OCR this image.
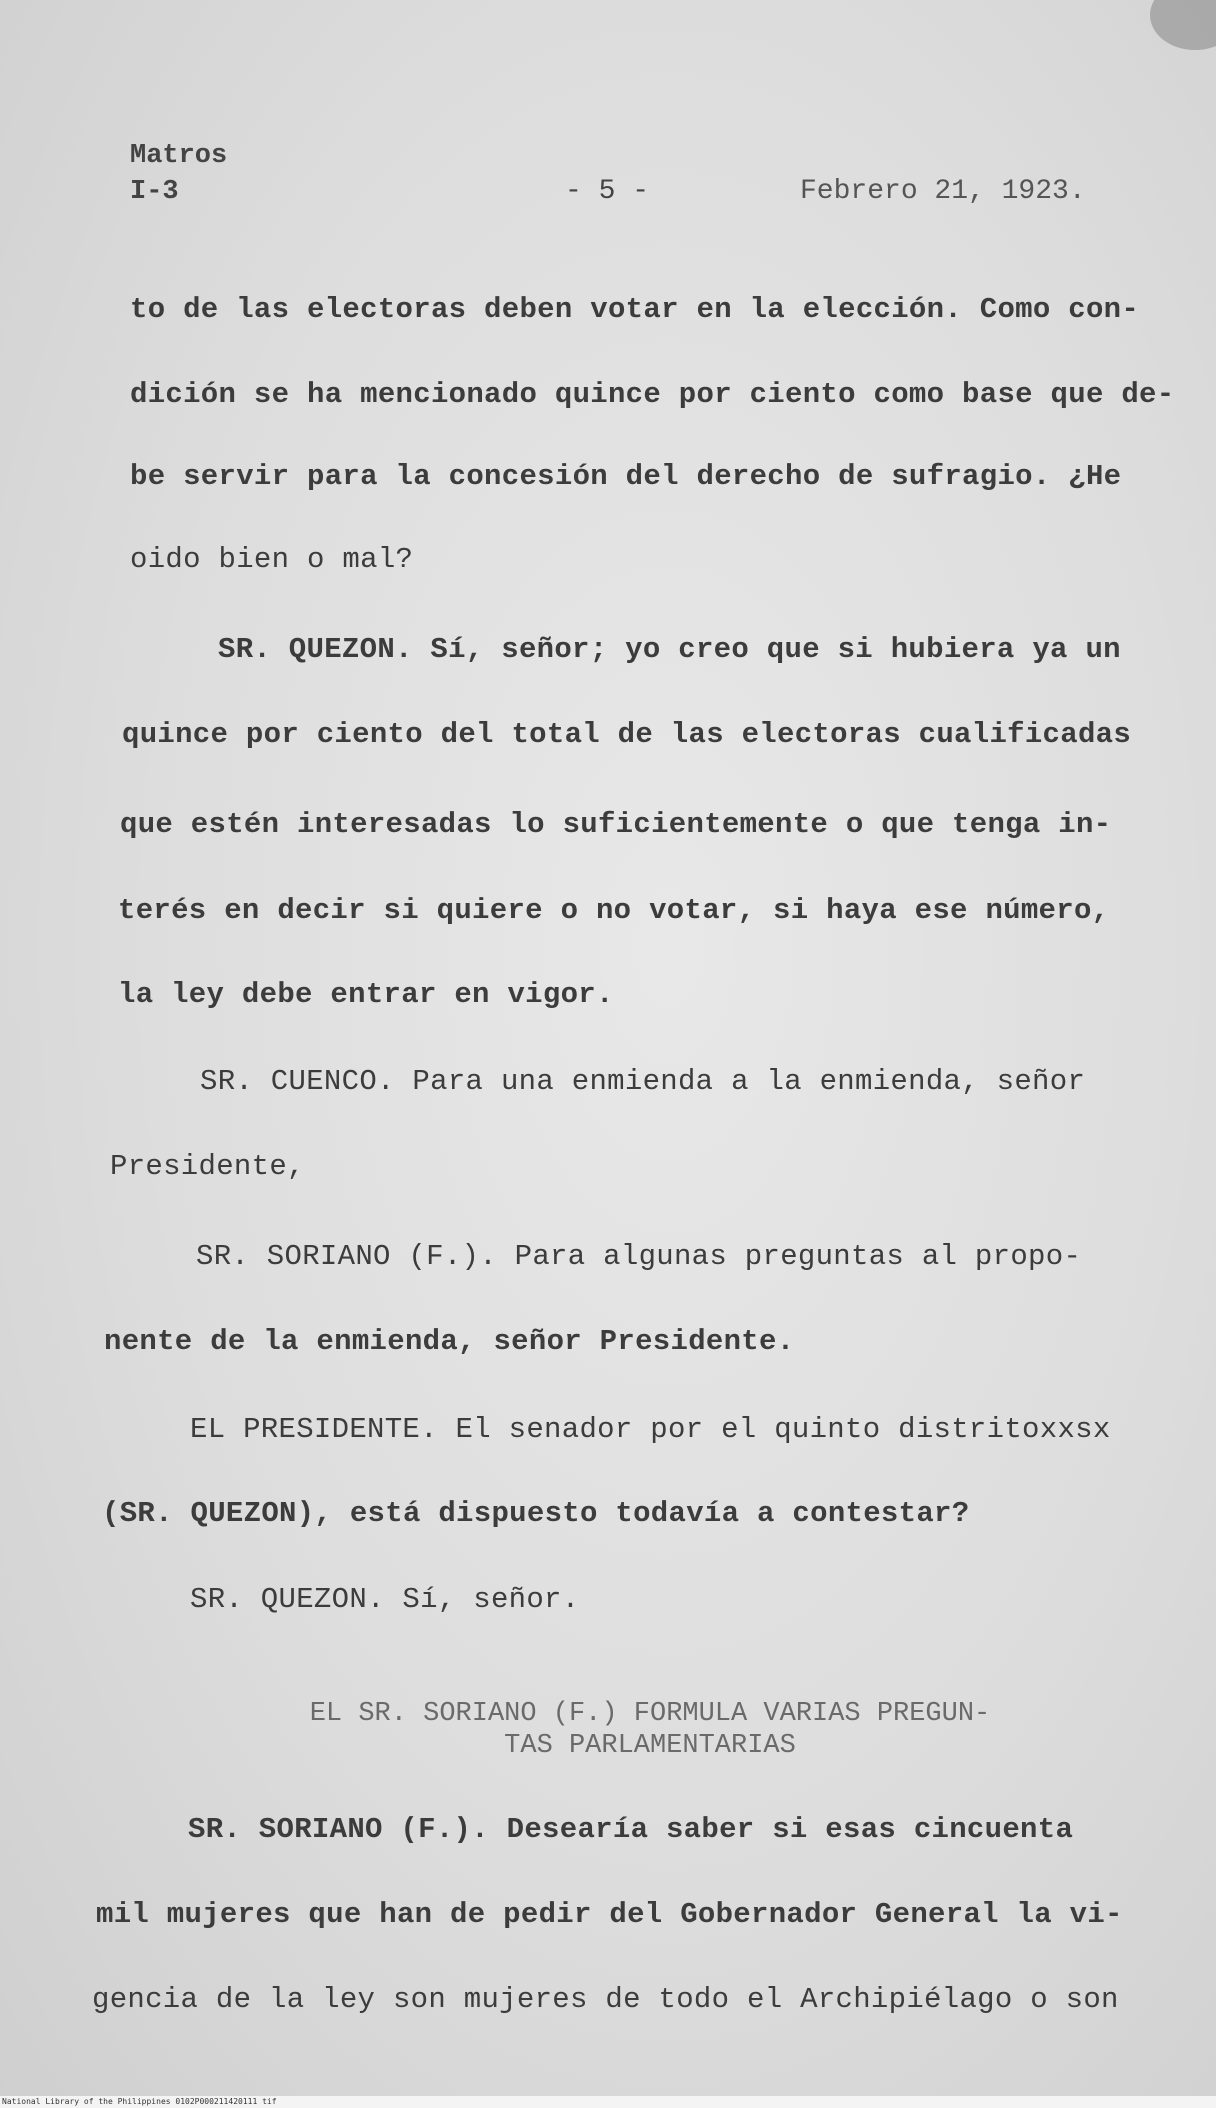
Matros
I-3	- 5 -	Febrero 21, 1923.
to de las electoras deben votar en la elección. Como con-
dición se ha mencionado quince por ciento como base que de-
be servir para la concesión del derecho de sufragio. ¿He
oido bien o mal?
SR. QUEZON. Sí, señor; yo creo que si hubiera ya un
quince por ciento del total de las electoras cualificadas
que estén interesadas lo suficientemente o que tenga in-
terés en decir si quiere o no votar, si haya ese número,
la ley debe entrar en vigor.
SR. CUENCO. Para una enmienda a la enmienda, señor
Presidente,
SR. SORIANO (F.). Para algunas preguntas al propo-
nente de la enmienda, señor Presidente.
EL PRESIDENTE. El senador por el quinto distritoxxsx
(SR. QUEZON), está dispuesto todavía a contestar?
SR. QUEZON. Sí, señor.
EL SR. SORIANO (F.) FORMULA VARIAS PREGUN-
TAS PARLAMENTARIAS
SR. SORIANO (F.). Desearía saber si esas cincuenta
mil mujeres que han de pedir del Gobernador General la vi-
gencia de la ley son mujeres de todo el Archipiélago o son
National Library of the Philippines 0102P000211420111 tif
